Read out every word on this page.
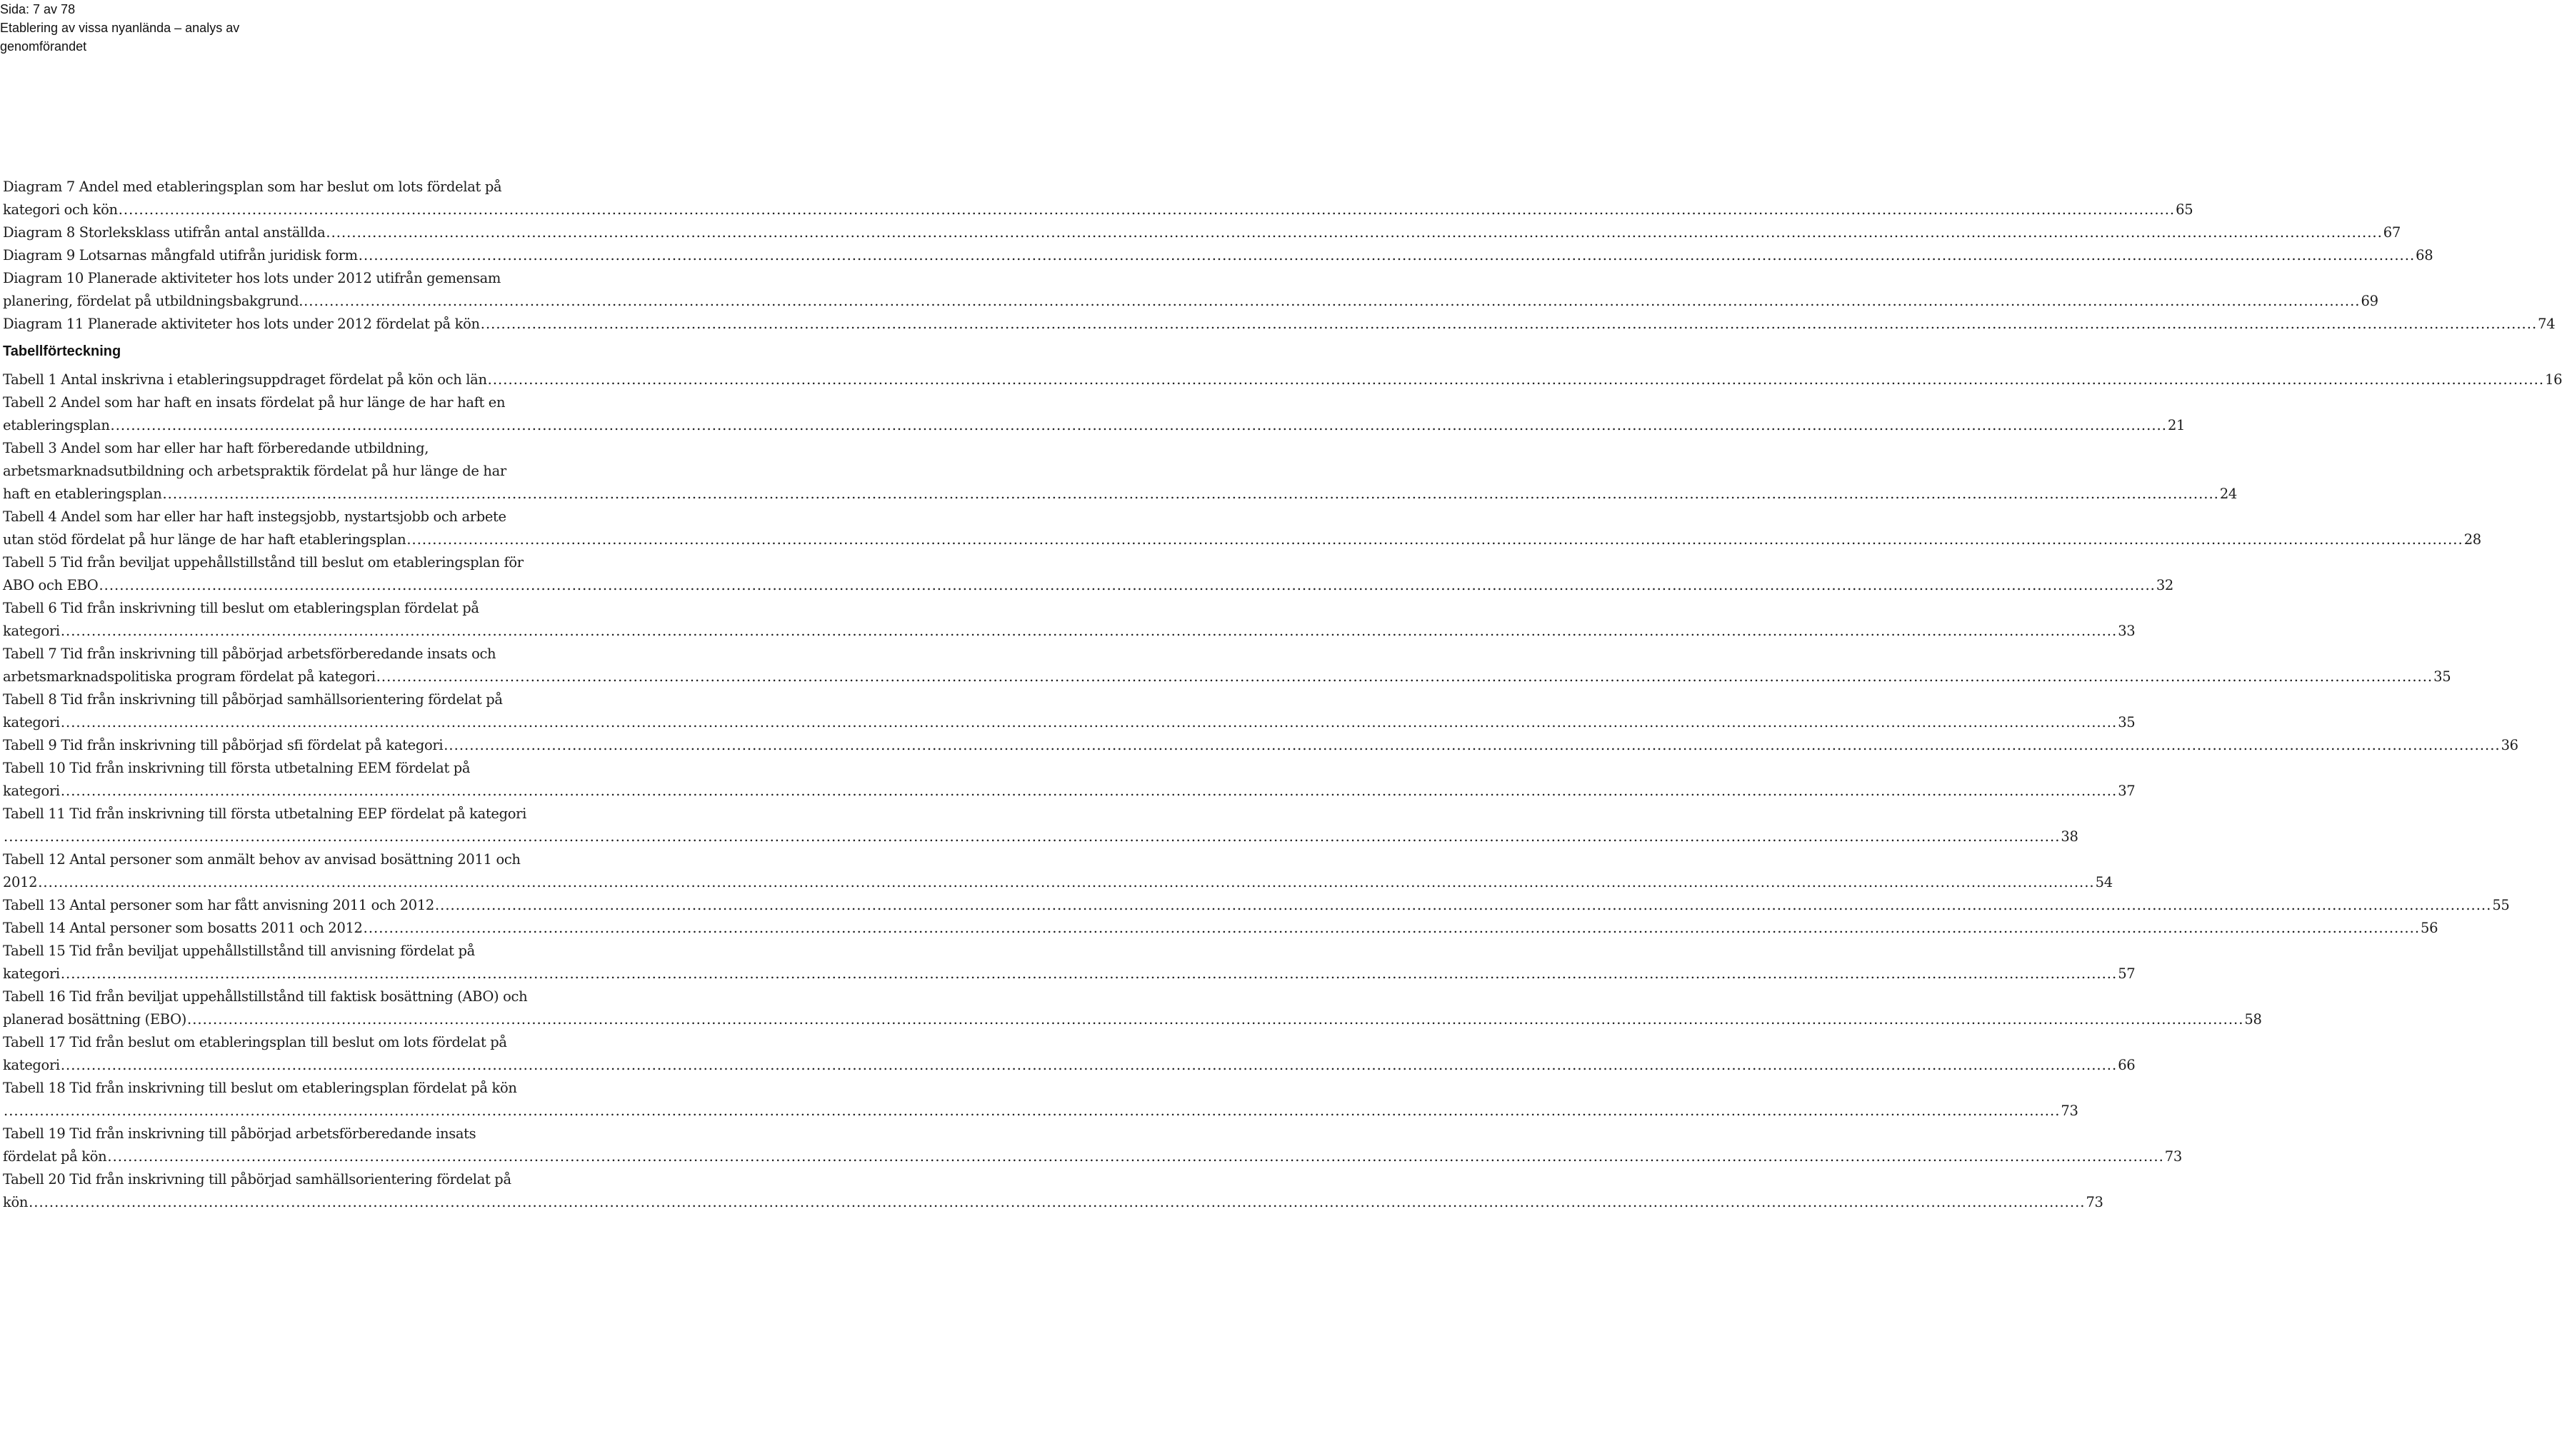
Sida: 7 av 78
Etablering av vissa nyanlända – analys av
genomförandet
Diagram 7 Andel med etableringsplan som har beslut om lots fördelat på
kategori och kön ................................................................................................................................................................................................................................................................................................................................................................................................................ 65
Diagram 8 Storleksklass utifrån antal anställda ................................................................................................................................................................................................................................................................................................................................................................................................................ 67
Diagram 9 Lotsarnas mångfald utifrån juridisk form ................................................................................................................................................................................................................................................................................................................................................................................................................ 68
Diagram 10 Planerade aktiviteter hos lots under 2012 utifrån gemensam
planering, fördelat på utbildningsbakgrund. ................................................................................................................................................................................................................................................................................................................................................................................................................ 69
Diagram 11 Planerade aktiviteter hos lots under 2012 fördelat på kön ................................................................................................................................................................................................................................................................................................................................................................................................................ 74
Tabellförteckning
Tabell 1 Antal inskrivna i etableringsuppdraget fördelat på kön och län ................................................................................................................................................................................................................................................................................................................................................................................................................ 16
Tabell 2 Andel som har haft en insats fördelat på hur länge de har haft en
etableringsplan ................................................................................................................................................................................................................................................................................................................................................................................................................ 21
Tabell 3 Andel som har eller har haft förberedande utbildning,
arbetsmarknadsutbildning och arbetspraktik fördelat på hur länge de har
haft en etableringsplan ................................................................................................................................................................................................................................................................................................................................................................................................................ 24
Tabell 4 Andel som har eller har haft instegsjobb, nystartsjobb och arbete
utan stöd fördelat på hur länge de har haft etableringsplan ................................................................................................................................................................................................................................................................................................................................................................................................................ 28
Tabell 5 Tid från beviljat uppehållstillstånd till beslut om etableringsplan för
ABO och EBO ................................................................................................................................................................................................................................................................................................................................................................................................................ 32
Tabell 6 Tid från inskrivning till beslut om etableringsplan fördelat på
kategori ................................................................................................................................................................................................................................................................................................................................................................................................................ 33
Tabell 7 Tid från inskrivning till påbörjad arbetsförberedande insats och
arbetsmarknadspolitiska program fördelat på kategori ................................................................................................................................................................................................................................................................................................................................................................................................................ 35
Tabell 8 Tid från inskrivning till påbörjad samhällsorientering fördelat på
kategori ................................................................................................................................................................................................................................................................................................................................................................................................................ 35
Tabell 9 Tid från inskrivning till påbörjad sfi fördelat på kategori ................................................................................................................................................................................................................................................................................................................................................................................................................ 36
Tabell 10 Tid från inskrivning till första utbetalning EEM fördelat på
kategori ................................................................................................................................................................................................................................................................................................................................................................................................................ 37
Tabell 11 Tid från inskrivning till första utbetalning EEP fördelat på kategori
................................................................................................................................................................................................................................................................................................................................................................................................................ 38
Tabell 12 Antal personer som anmält behov av anvisad bosättning 2011 och
2012 ................................................................................................................................................................................................................................................................................................................................................................................................................ 54
Tabell 13 Antal personer som har fått anvisning 2011 och 2012 ................................................................................................................................................................................................................................................................................................................................................................................................................ 55
Tabell 14 Antal personer som bosatts 2011 och 2012 ................................................................................................................................................................................................................................................................................................................................................................................................................ 56
Tabell 15 Tid från beviljat uppehållstillstånd till anvisning fördelat på
kategori ................................................................................................................................................................................................................................................................................................................................................................................................................ 57
Tabell 16 Tid från beviljat uppehållstillstånd till faktisk bosättning (ABO) och
planerad bosättning (EBO) ................................................................................................................................................................................................................................................................................................................................................................................................................ 58
Tabell 17 Tid från beslut om etableringsplan till beslut om lots fördelat på
kategori ................................................................................................................................................................................................................................................................................................................................................................................................................ 66
Tabell 18 Tid från inskrivning till beslut om etableringsplan fördelat på kön
................................................................................................................................................................................................................................................................................................................................................................................................................ 73
Tabell 19 Tid från inskrivning till påbörjad arbetsförberedande insats
fördelat på kön ................................................................................................................................................................................................................................................................................................................................................................................................................ 73
Tabell 20 Tid från inskrivning till påbörjad samhällsorientering fördelat på
kön ................................................................................................................................................................................................................................................................................................................................................................................................................ 73
